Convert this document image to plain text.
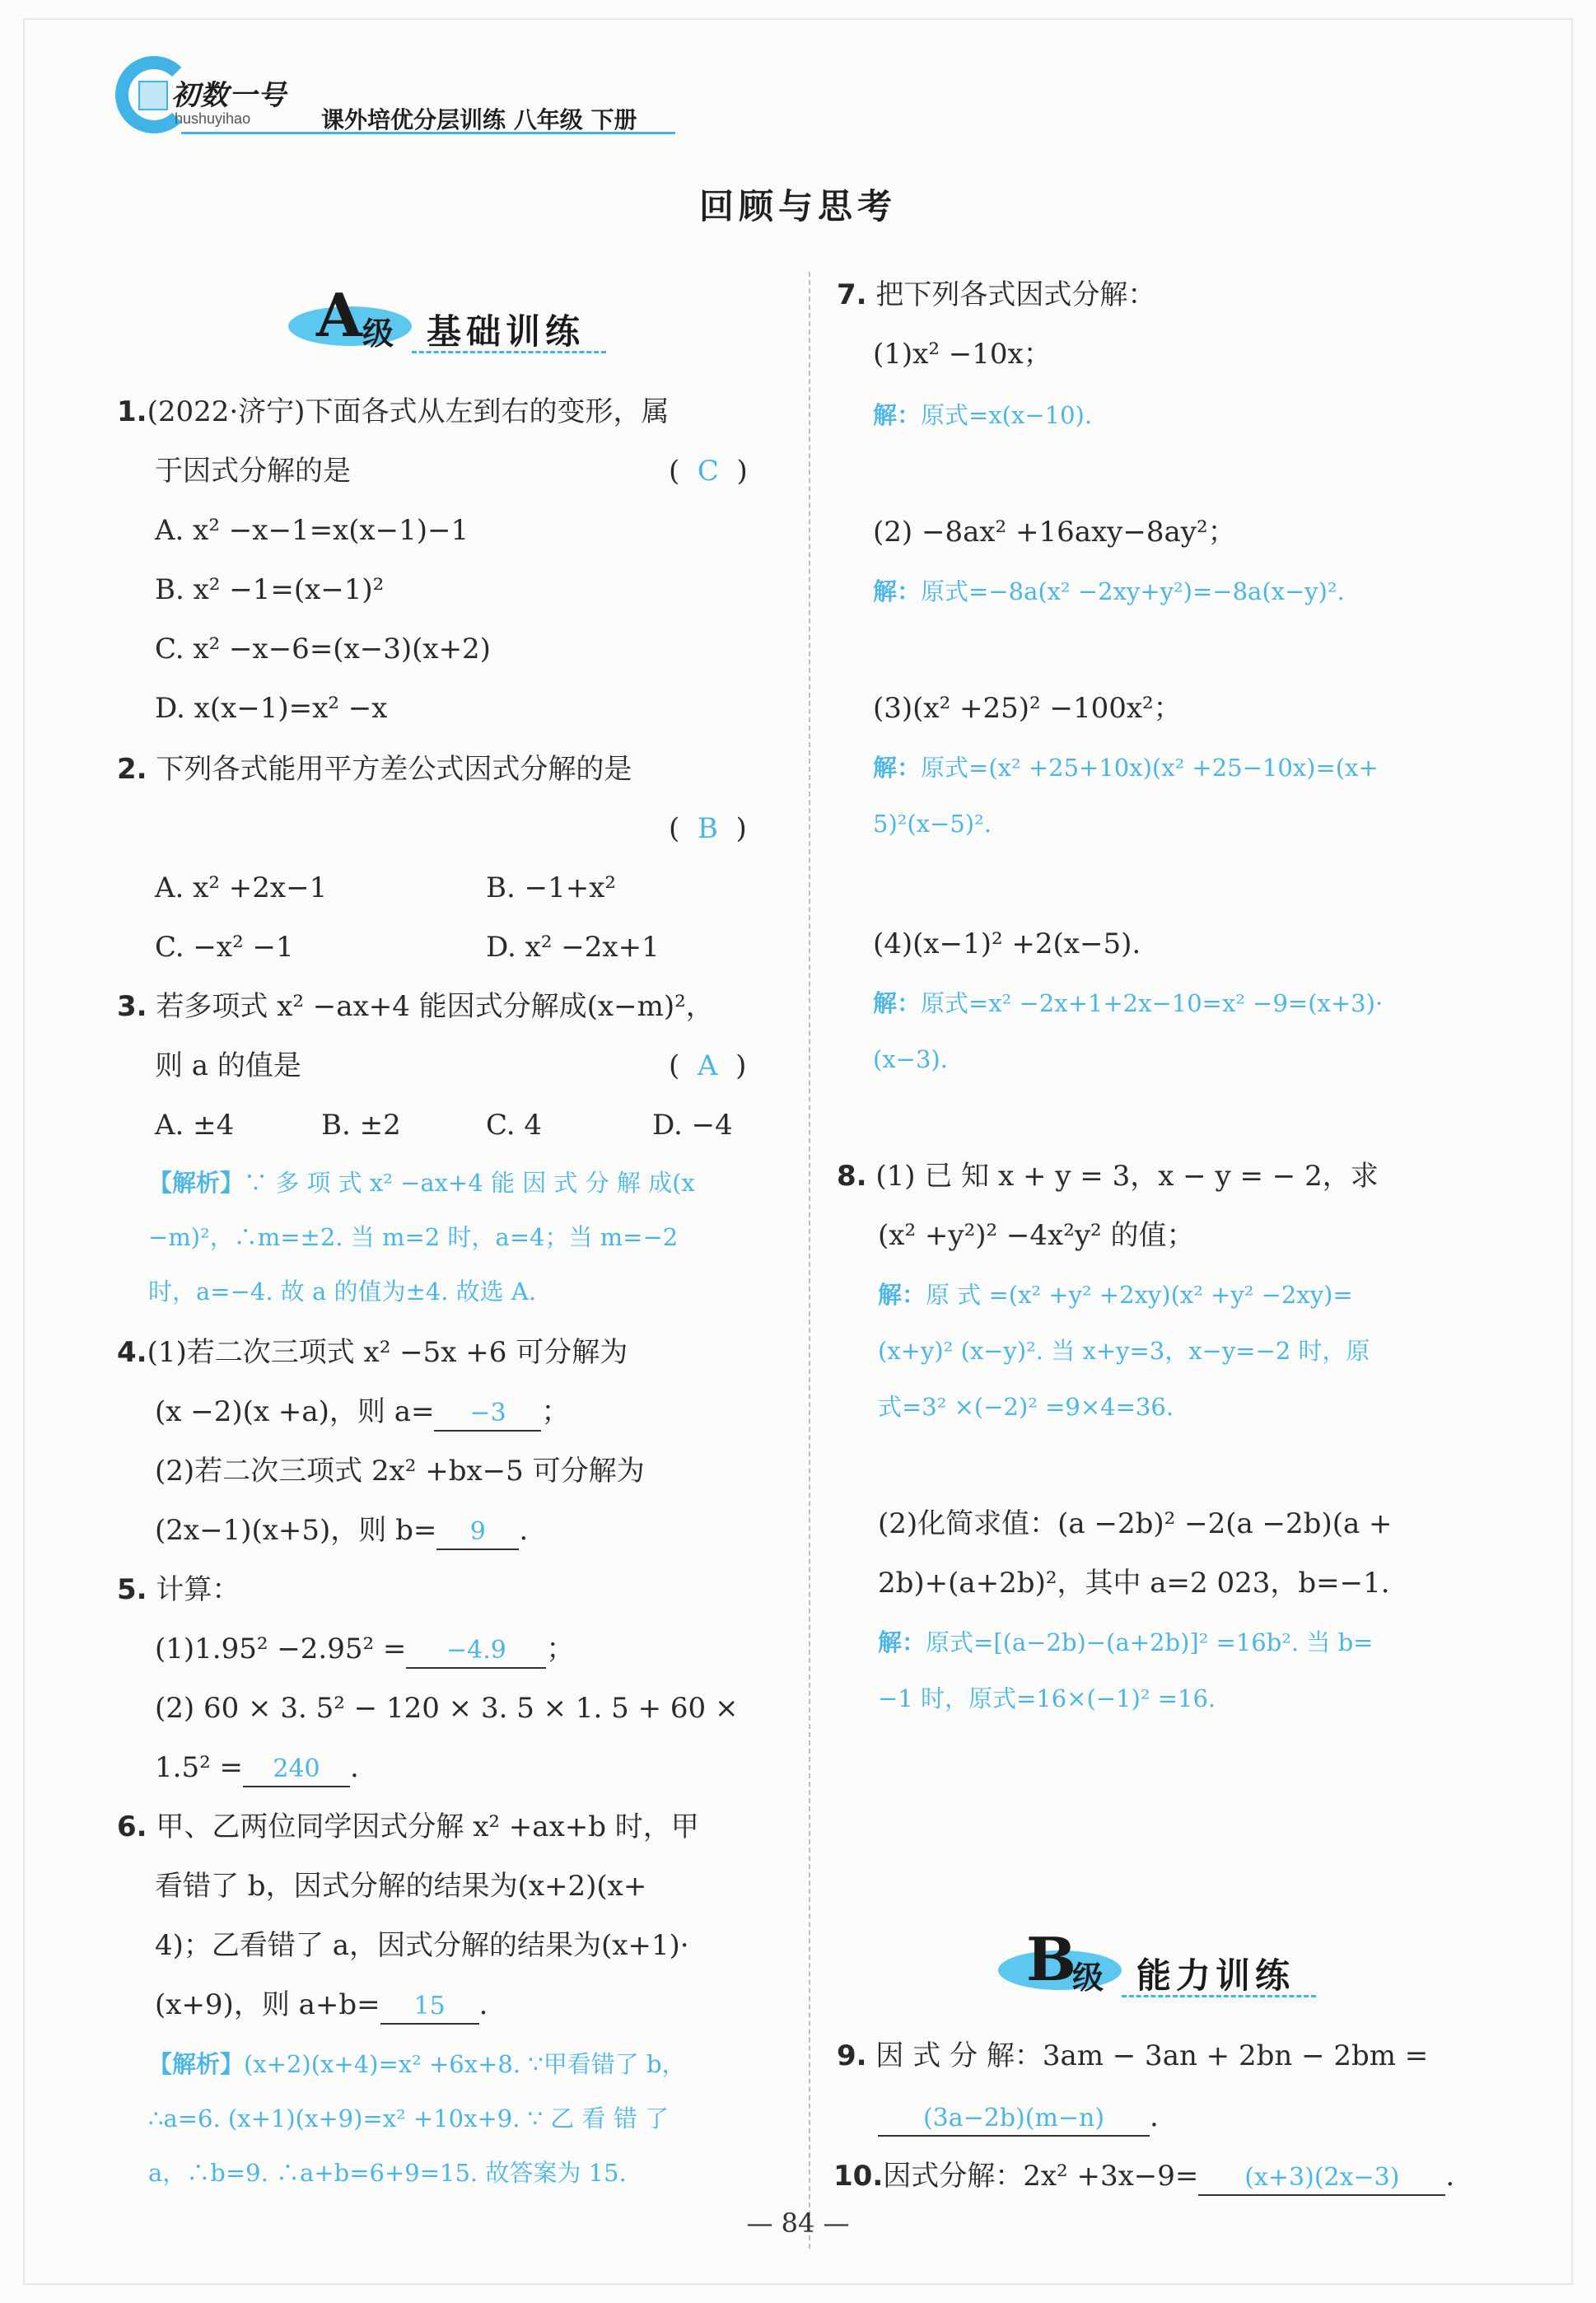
初数一号
hushuyihao	课外培优分层训练 八年级 下册
回顾与思考
A 级 基础训练
1.(2022·济宁)下面各式从左到右的变形，属
于因式分解的是	(  C  )
A. x² −x−1=x(x−1)−1
B. x² −1=(x−1)²
C. x² −x−6=(x−3)(x+2)
D. x(x−1)=x² −x
2. 下列各式能用平方差公式因式分解的是
(  B  )
A. x² +2x−1	B. −1+x²
C. −x² −1	D. x² −2x+1
3. 若多项式 x² −ax+4 能因式分解成(x−m)²，
则 a 的值是	(  A  )
A. ±4	B. ±2	C. 4	D. −4
【解析】∵ 多 项 式 x² −ax+4 能 因 式 分 解 成(x
−m)²，∴m=±2. 当 m=2 时，a=4；当 m=−2
时，a=−4. 故 a 的值为±4. 故选 A.
4.(1)若二次三项式 x² −5x +6 可分解为
(x −2)(x +a)，则 a= −3 ；
(2)若二次三项式 2x² +bx−5 可分解为
(2x−1)(x+5)，则 b= 9 .
5. 计算：
(1)1.95² −2.95² = −4.9 ；
(2) 60 × 3. 5² − 120 × 3. 5 × 1. 5 + 60 ×
1.5² = 240 .
6. 甲、乙两位同学因式分解 x² +ax+b 时，甲
看错了 b，因式分解的结果为(x+2)(x+
4)；乙看错了 a，因式分解的结果为(x+1)·
(x+9)，则 a+b= 15 .
【解析】(x+2)(x+4)=x² +6x+8. ∵甲看错了 b，
∴a=6. (x+1)(x+9)=x² +10x+9. ∵ 乙 看 错 了
a，∴b=9. ∴a+b=6+9=15. 故答案为 15.
7. 把下列各式因式分解：
(1)x² −10x；
解：原式=x(x−10).
(2) −8ax² +16axy−8ay²；
解：原式=−8a(x² −2xy+y²)=−8a(x−y)².
(3)(x² +25)² −100x²；
解：原式=(x² +25+10x)(x² +25−10x)=(x+
5)²(x−5)².
(4)(x−1)² +2(x−5).
解：原式=x² −2x+1+2x−10=x² −9=(x+3)·
(x−3).
8. (1) 已 知 x + y = 3，x − y = − 2，求
(x² +y²)² −4x²y² 的值；
解：原 式 =(x² +y² +2xy)(x² +y² −2xy)=
(x+y)² (x−y)². 当 x+y=3，x−y=−2 时，原
式=3² ×(−2)² =9×4=36.
(2)化简求值：(a −2b)² −2(a −2b)(a +
2b)+(a+2b)²，其中 a=2 023，b=−1.
解：原式=[(a−2b)−(a+2b)]² =16b². 当 b=
−1 时，原式=16×(−1)² =16.
B
级 能力训练
9. 因 式 分 解：3am − 3an + 2bn − 2bm =
(3a−2b)(m−n) .
10.因式分解：2x² +3x−9= (x+3)(2x−3) .
— 84 —
